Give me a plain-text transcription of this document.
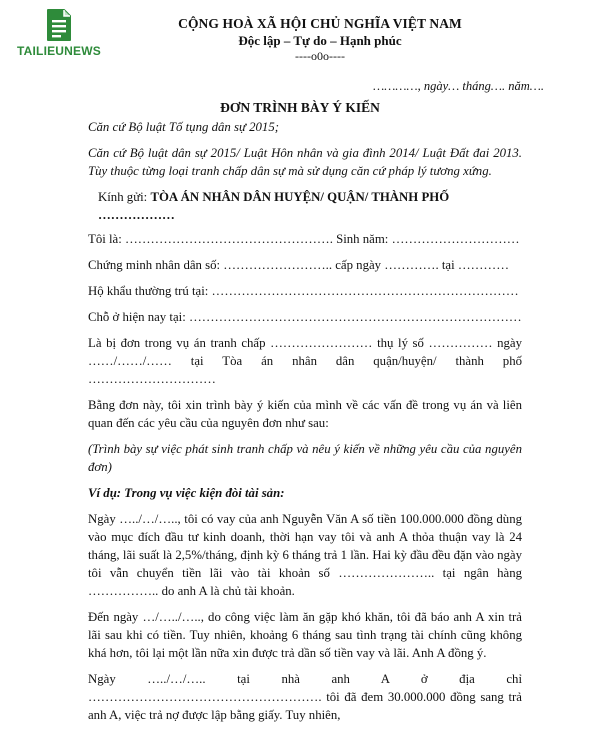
TAILIEUNEWS
CỘNG HOÀ XÃ HỘI CHỦ NGHĨA VIỆT NAM
Độc lập – Tự do – Hạnh phúc
----o0o----
…………, ngày… tháng…. năm….
ĐƠN TRÌNH BÀY Ý KIẾN

Căn cứ Bộ luật Tố tụng dân sự 2015;

Căn cứ Bộ luật dân sự 2015/ Luật Hôn nhân và gia đình 2014/ Luật Đất đai 2013. Tùy thuộc từng loại tranh chấp dân sự mà sử dụng căn cứ pháp lý tương xứng.

Kính gửi: TÒA ÁN NHÂN DÂN HUYỆN/ QUẬN/ THÀNH PHỐ ………………

Tôi là: …………………………………………. Sinh năm: …………………………

Chứng minh nhân dân số: …………………….. cấp ngày …………. tại …………

Hộ khẩu thường trú tại: ………………………………………………………………

Chỗ ở hiện nay tại: ……………………………………………………………………

Là bị đơn trong vụ án tranh chấp …………………… thụ lý số …………… ngày ……/……/…… tại Tòa án nhân dân quận/huyện/ thành phố …………………………

Bằng đơn này, tôi xin trình bày ý kiến của mình về các vấn đề trong vụ án và liên quan đến các yêu cầu của nguyên đơn như sau:

(Trình bày sự việc phát sinh tranh chấp và nêu ý kiến về những yêu cầu của nguyên đơn)

Ví dụ: Trong vụ việc kiện đòi tài sản:

Ngày …../…/….., tôi có vay của anh Nguyễn Văn A số tiền 100.000.000 đồng dùng vào mục đích đầu tư kinh doanh, thời hạn vay tôi và anh A thỏa thuận vay là 24 tháng, lãi suất là 2,5%/tháng, định kỳ 6 tháng trả 1 lần. Hai kỳ đầu đều đặn vào ngày tôi vẫn chuyển tiền lãi vào tài khoản số ………………….. tại ngân hàng …………….. do anh A là chủ tài khoản.

Đến ngày …/…../….., do công việc làm ăn gặp khó khăn, tôi đã báo anh A xin trả lãi sau khi có tiền. Tuy nhiên, khoảng 6 tháng sau tình trạng tài chính cũng không khá hơn, tôi lại một lần nữa xin được trả dần số tiền vay và lãi. Anh A đồng ý.

Ngày …../…/….. tại nhà anh A ở địa chỉ ………………………………………………. tôi đã đem 30.000.000 đồng sang trả anh A, việc trả nợ được lập bằng giấy. Tuy nhiên,
